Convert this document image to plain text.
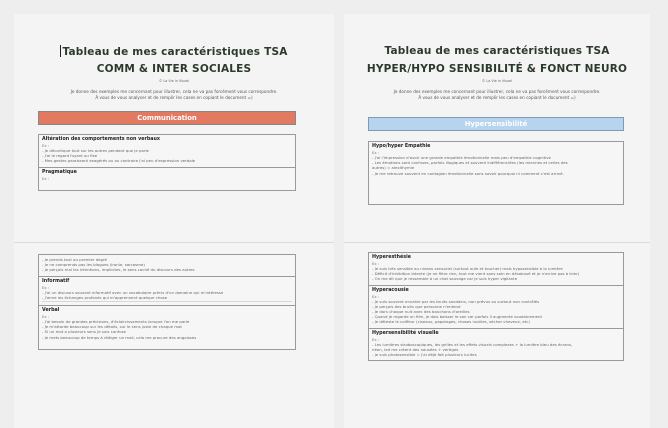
Tableau de mes caractéristiques TSA
COMM & INTER SOCIALES
© La Vie in Visuel
Je donne des exemples me concernant pour illustrer, cela ne va pas forcément vous correspondre.
À vous de vous analyser et de remplir les cases en copiant le document =)
Communication
Altération des comportements non verbaux
Ex :
- Je décortique tout sur les autres pendant que je parle
- J'ai le regard fuyant ou fixe
- Mes gestes paraissent exagérés ou au contraire j'ai peu d'expression verbale
Pragmatique
Ex :
- Je prends tout au premier degré
- Je ne comprends pas les blagues (ironie, sarcasme)
- Je perçois mal les intentions, implicites, le sens caché du discours des autres
Informatif
Ex :
- J'ai un discours souvent informatif avec un vocabulaire précis d'un domaine qui m'intéresse
- J'aime les échanges profonds qui m'apprennent quelque chose
Verbal
Ex :
- J'ai besoin de grandes précisions, d'éclaircissements lorsque l'on me parle
- Je m'attarde beaucoup sur les détails, sur le sens juste de chaque mot
- Si un mot a plusieurs sens je suis confuse
- Je mets beaucoup de temps à rédiger un mail, cela me procure des angoisses
Tableau de mes caractéristiques TSA
HYPER/HYPO SENSIBILITÉ & FONCT NEURO
© La Vie in Visuel
Je donne des exemples me concernant pour illustrer, cela ne va pas forcément vous correspondre.
À vous de vous analyser et de remplir les cases en copiant le document =)
Hypersensibilité
Hypo/hyper Empathie
Ex :
- J'ai l'impression d'avoir une grande empathie émotionnelle mais peu d'empathie cognitive
- Les émotions sont confuses, parfois illogiques et souvent indifférenciées (les miennes et celles des
autres) = alexithymie
- Je me retrouve souvent en contagion émotionnelle sans savoir pourquoi ni comment c'est arrivé.
Hyperesthésie
Ex :
- Je suis très sensible au niveau sensoriel (surtout ouïe et toucher) mais hyposensible à la lumière
- Déficit d'inhibition latente (je ne filtre rien, tout me vient sans soin en désabusé et je n'arrive pas à trier)
- On me dit que je ressemble à un chat sauvage car je suis hyper vigilante
Hyperacousie
Ex :
- Je suis souvent envahie par les bruits soudains, non prévus ou surtout non contrôlés
- Je perçois des bruits que personne n'entend
- Je dors chaque nuit avec des bouchons d'oreilles
- Quand je regarde un film, je dois baisser le son car parfois il augmente soudainement
- Je déteste le coiffeur (ciseaux, papotages, choses inutiles, sècher cheveux, etc)
Hypersensibilité visuelle
Ex :
- Les lumières stroboscopiques, les grilles et les effets visuels complexes + la lumière bleu des écrans,
néon, led me créent des nausées + vertiges
- Je suis photosensible = j'ai déjà fait plusieurs lucites
